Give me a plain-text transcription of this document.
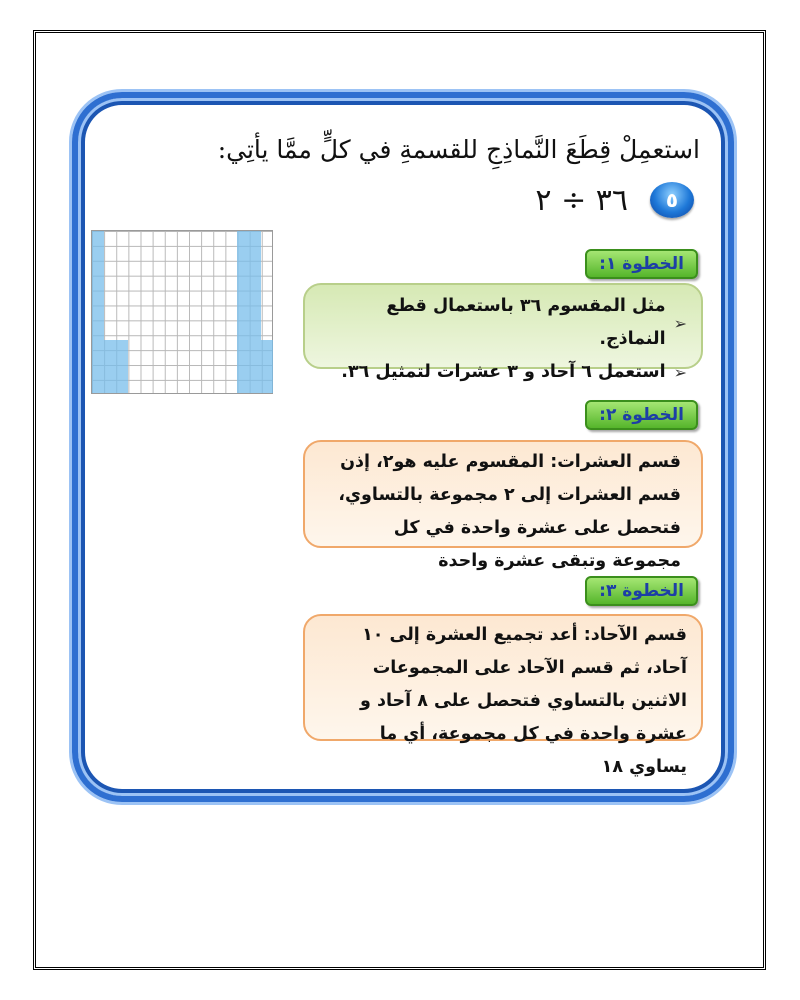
استعمِلْ قِطَعَ النَّماذِجِ للقسمةِ في كلٍّ ممَّا يأتِي:
٥
٣٦ ÷ ٢
الخطوة ١:
➢
مثل المقسوم ٣٦ باستعمال قطع النماذج.
➢
استعمل ٦ آحاد و ٣ عشرات لتمثيل ٣٦.
الخطوة ٢:
قسم العشرات: المقسوم عليه هو٢، إذن قسم العشرات إلى ٢ مجموعة بالتساوي، فتحصل على عشرة واحدة في كل مجموعة وتبقى عشرة واحدة
الخطوة ٣:
قسم الآحاد: أعد تجميع العشرة إلى ١٠ آحاد، ثم قسم الآحاد على المجموعات الاثنين بالتساوي فتحصل على ٨ آحاد و عشرة واحدة في كل مجموعة، أي ما يساوي ١٨
